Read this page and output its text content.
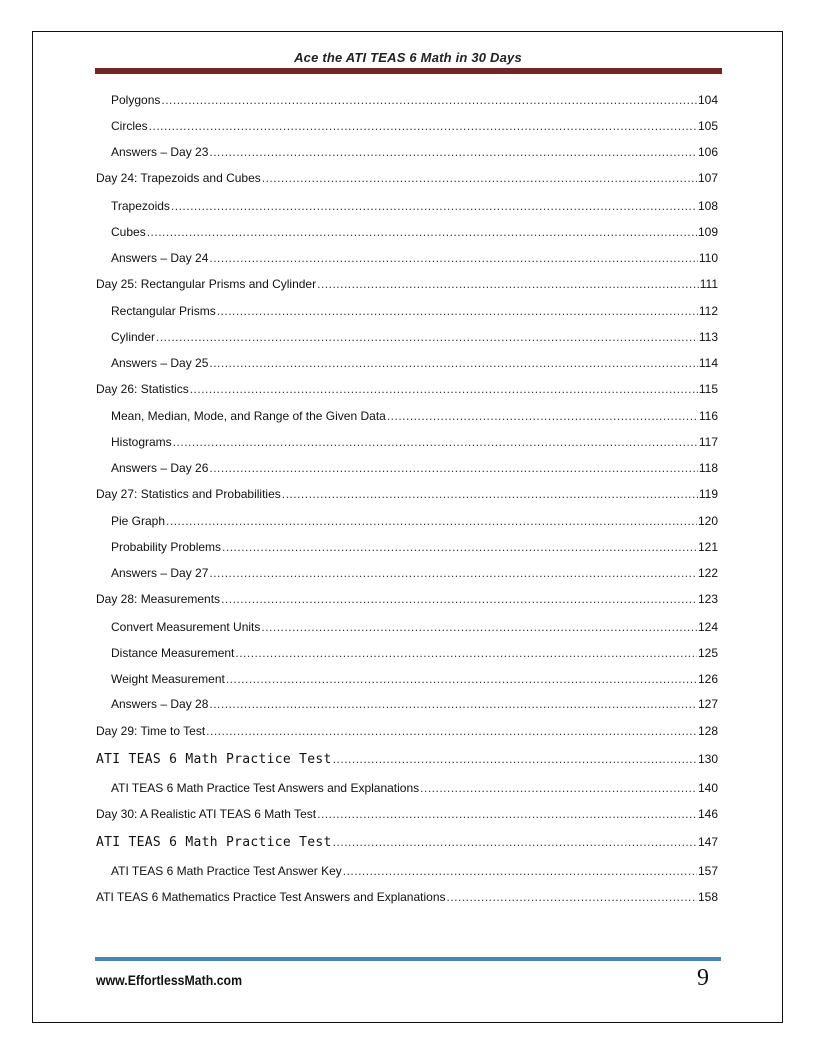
Ace the ATI TEAS 6 Math in 30 Days
Polygons .....	104
Circles .....	105
Answers – Day 23 .....	106
Day 24: Trapezoids and Cubes .....	107
Trapezoids .....	108
Cubes .....	109
Answers – Day 24 .....	110
Day 25: Rectangular Prisms and Cylinder .....	111
Rectangular Prisms .....	112
Cylinder .....	113
Answers – Day 25 .....	114
Day 26: Statistics .....	115
Mean, Median, Mode, and Range of the Given Data .....	116
Histograms .....	117
Answers – Day 26 .....	118
Day 27: Statistics and Probabilities .....	119
Pie Graph .....	120
Probability Problems .....	121
Answers – Day 27 .....	122
Day 28: Measurements .....	123
Convert Measurement Units .....	124
Distance Measurement .....	125
Weight Measurement .....	126
Answers – Day 28 .....	127
Day 29: Time to Test .....	128
ATI TEAS 6 Math Practice Test .....	130
ATI TEAS 6 Math Practice Test Answers and Explanations .....	140
Day 30: A Realistic ATI TEAS 6 Math Test .....	146
ATI TEAS 6 Math Practice Test .....	147
ATI TEAS 6 Math Practice Test Answer Key .....	157
ATI TEAS 6 Mathematics Practice Test Answers and Explanations .....	158
www.EffortlessMath.com	9
